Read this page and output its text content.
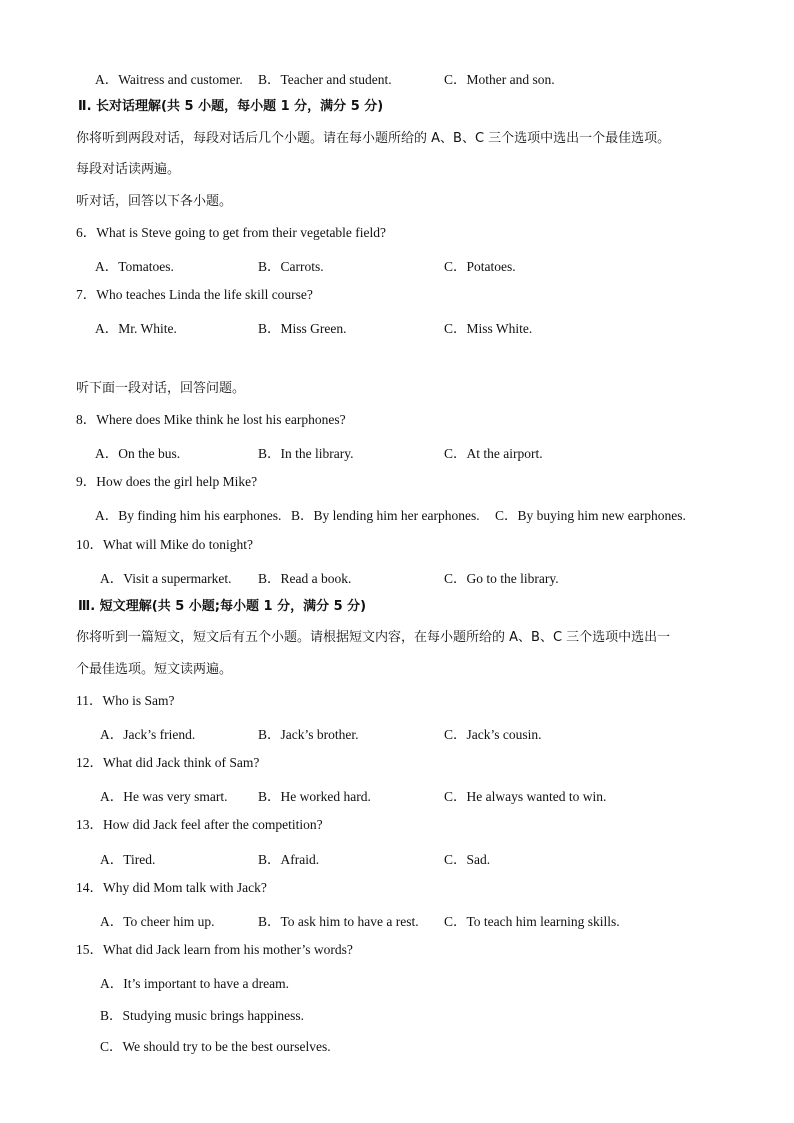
A．Waitress and customer. B．Teacher and student.	C．Mother and son.
Ⅱ. 长对话理解(共 5 小题，每小题 1 分，满分 5 分)
你将听到两段对话，每段对话后几个小题。请在每小题所给的 A、B、C 三个选项中选出一个最佳选项。
每段对话读两遍。
听对话，回答以下各小题。
6．What is Steve going to get from their vegetable field?
A．Tomatoes.	B．Carrots.	C．Potatoes.
7．Who teaches Linda the life skill course?
A．Mr. White.	B．Miss Green.	C．Miss White.
听下面一段对话，回答问题。
8．Where does Mike think he lost his earphones?
A．On the bus.	B．In the library.	C．At the airport.
9．How does the girl help Mike?
A．By finding him his earphones. B．By lending him her earphones. C．By buying him new earphones.
10．What will Mike do tonight?
A．Visit a supermarket. B．Read a book.	C．Go to the library.
Ⅲ. 短文理解(共 5 小题;每小题 1 分，满分 5 分)
你将听到一篇短文，短文后有五个小题。请根据短文内容，在每小题所给的 A、B、C 三个选项中选出一
个最佳选项。短文读两遍。
11．Who is Sam?
A．Jack’s friend.	B．Jack’s brother.	C．Jack’s cousin.
12．What did Jack think of Sam?
A．He was very smart. B．He worked hard.	C．He always wanted to win.
13．How did Jack feel after the competition?
A．Tired.	B．Afraid.	C．Sad.
14．Why did Mom talk with Jack?
A．To cheer him up.	B．To ask him to have a rest. C．To teach him learning skills.
15．What did Jack learn from his mother’s words?
A．It’s important to have a dream.
B．Studying music brings happiness.
C．We should try to be the best ourselves.
